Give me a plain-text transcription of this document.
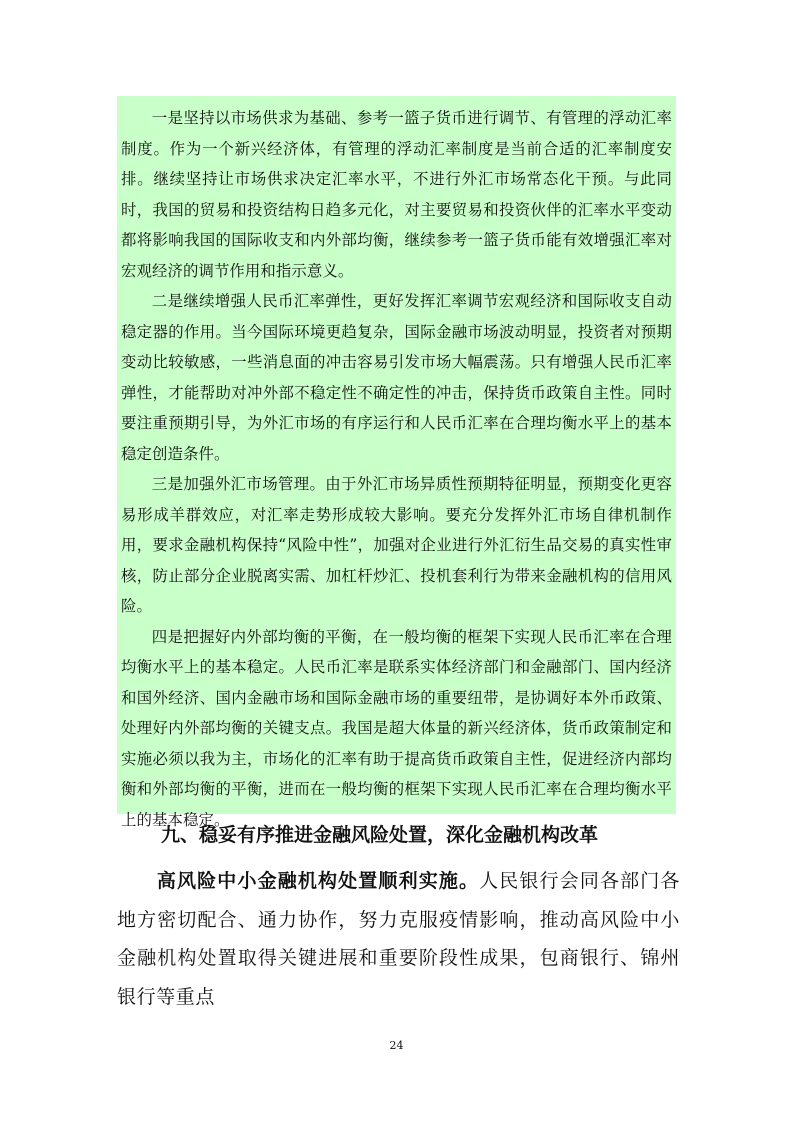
一是坚持以市场供求为基础、参考一篮子货币进行调节、有管理的浮动汇率制度。作为一个新兴经济体，有管理的浮动汇率制度是当前合适的汇率制度安排。继续坚持让市场供求决定汇率水平，不进行外汇市场常态化干预。与此同时，我国的贸易和投资结构日趋多元化，对主要贸易和投资伙伴的汇率水平变动都将影响我国的国际收支和内外部均衡，继续参考一篮子货币能有效增强汇率对宏观经济的调节作用和指示意义。

二是继续增强人民币汇率弹性，更好发挥汇率调节宏观经济和国际收支自动稳定器的作用。当今国际环境更趋复杂，国际金融市场波动明显，投资者对预期变动比较敏感，一些消息面的冲击容易引发市场大幅震荡。只有增强人民币汇率弹性，才能帮助对冲外部不稳定性不确定性的冲击，保持货币政策自主性。同时要注重预期引导，为外汇市场的有序运行和人民币汇率在合理均衡水平上的基本稳定创造条件。

三是加强外汇市场管理。由于外汇市场异质性预期特征明显，预期变化更容易形成羊群效应，对汇率走势形成较大影响。要充分发挥外汇市场自律机制作用，要求金融机构保持“风险中性”，加强对企业进行外汇衍生品交易的真实性审核，防止部分企业脱离实需、加杠杆炒汇、投机套利行为带来金融机构的信用风险。

四是把握好内外部均衡的平衡，在一般均衡的框架下实现人民币汇率在合理均衡水平上的基本稳定。人民币汇率是联系实体经济部门和金融部门、国内经济和国外经济、国内金融市场和国际金融市场的重要纽带，是协调好本外币政策、处理好内外部均衡的关键支点。我国是超大体量的新兴经济体，货币政策制定和实施必须以我为主，市场化的汇率有助于提高货币政策自主性，促进经济内部均衡和外部均衡的平衡，进而在一般均衡的框架下实现人民币汇率在合理均衡水平上的基本稳定。

九、稳妥有序推进金融风险处置，深化金融机构改革

高风险中小金融机构处置顺利实施。人民银行会同各部门各地方密切配合、通力协作，努力克服疫情影响，推动高风险中小金融机构处置取得关键进展和重要阶段性成果，包商银行、锦州银行等重点

24
